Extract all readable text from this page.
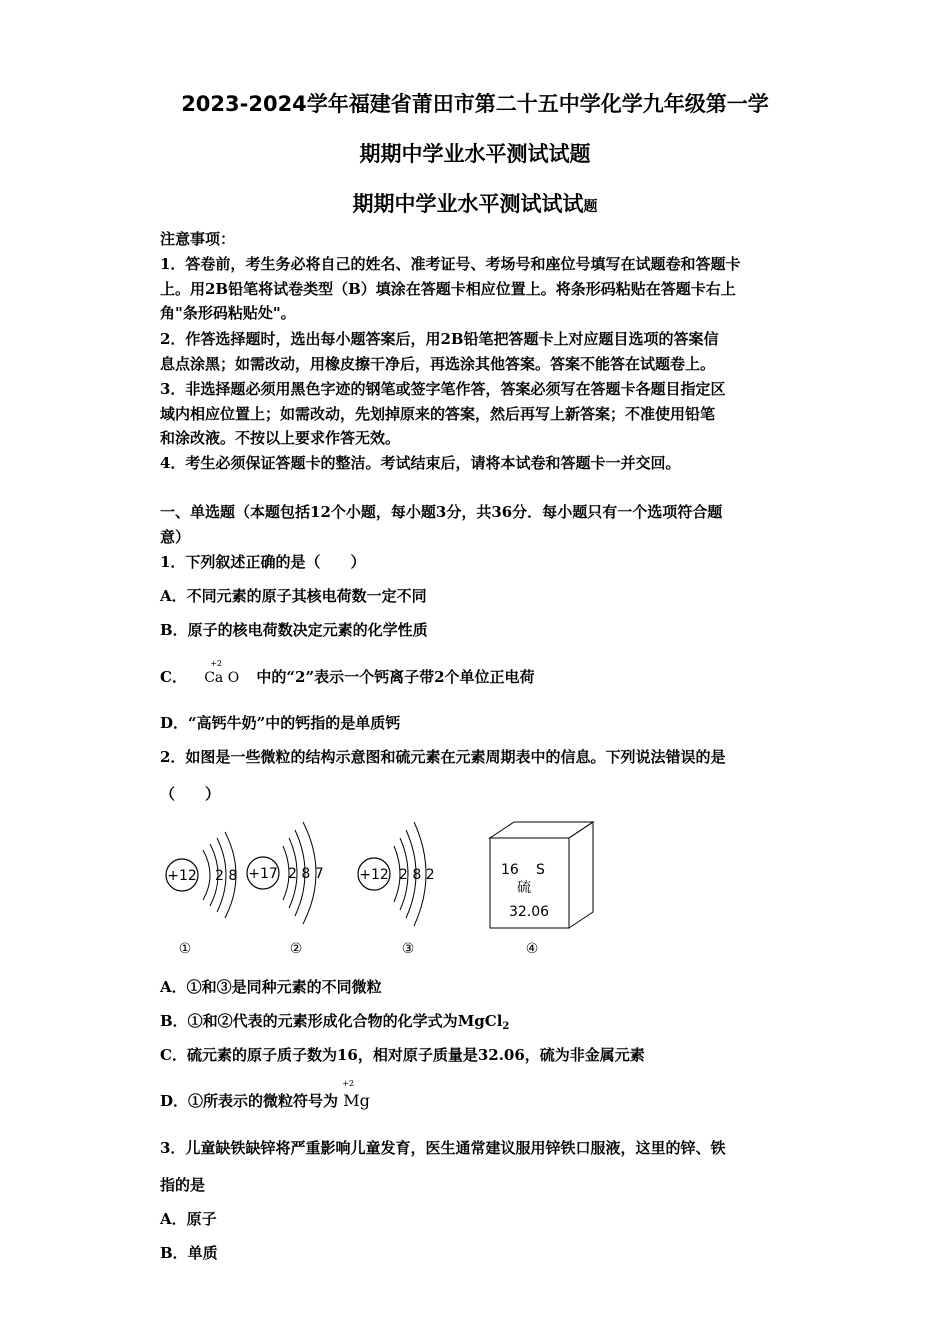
2023-2024学年福建省莆田市第二十五中学化学九年级第一学
期期中学业水平测试试题
期期中学业水平测试试试题
注意事项：
1．答卷前，考生务必将自己的姓名、准考证号、考场号和座位号填写在试题卷和答题卡
上。用2B铅笔将试卷类型（B）填涂在答题卡相应位置上。将条形码粘贴在答题卡右上
角"条形码粘贴处"。
2．作答选择题时，选出每小题答案后，用2B铅笔把答题卡上对应题目选项的答案信
息点涂黑；如需改动，用橡皮擦干净后，再选涂其他答案。答案不能答在试题卷上。
3．非选择题必须用黑色字迹的钢笔或签字笔作答，答案必须写在答题卡各题目指定区
域内相应位置上；如需改动，先划掉原来的答案，然后再写上新答案；不准使用铅笔
和涂改液。不按以上要求作答无效。
4．考生必须保证答题卡的整洁。考试结束后，请将本试卷和答题卡一并交回。
一、单选题（本题包括12个小题，每小题3分，共36分．每小题只有一个选项符合题
意）
1．下列叙述正确的是（　　）
A．不同元素的原子其核电荷数一定不同
B．原子的核电荷数决定元素的化学性质
C．
+2
Ca O 中的“2”表示一个钙离子带2个单位正电荷
D．“高钙牛奶”中的钙指的是单质钙
2．如图是一些微粒的结构示意图和硫元素在元素周期表中的信息。下列说法错误的是
（　　）
+12 2 8 +17 2 8 7	+12 2 8 2	16 S
硫
32.06
①	②	③	④
A．①和③是同种元素的不同微粒
B．①和②代表的元素形成化合物的化学式为MgCl$_2$
C．硫元素的原子质子数为16，相对原子质量是32.06，硫为非金属元素
D．①所表示的微粒符号为
+2
Mg
3．儿童缺铁缺锌将严重影响儿童发育，医生通常建议服用锌铁口服液，这里的锌、铁
指的是
A．原子
B．单质
